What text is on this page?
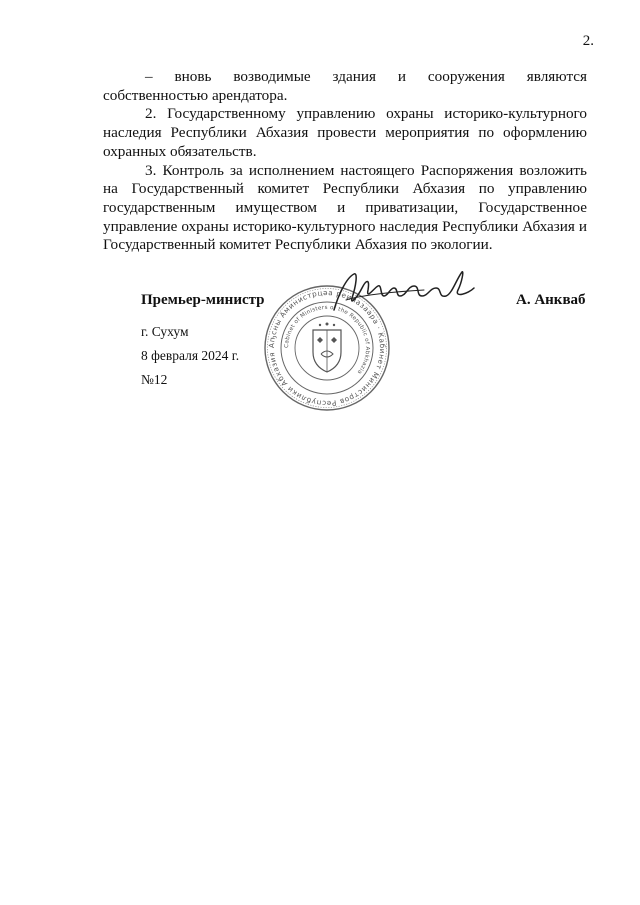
2.

– вновь возводимые здания и сооружения являются собственностью арендатора.

2. Государственному управлению охраны историко-культурного наследия Республики Абхазия провести мероприятия по оформлению охранных обязательств.

3. Контроль за исполнением настоящего Распоряжения возложить на Государственный комитет Республики Абхазия по управлению государственным имуществом и приватизации, Государственное управление охраны историко-культурного наследия Республики Абхазия и Государственный комитет Республики Абхазия по экологии.

Премьер-министр
Аҧсны Аминистрцәа реилазаара · Кабинет Министров Республики Абхазия
Cabinet of Ministers of the Republic of Abkhazia
А. Анкваб
г. Сухум
8 февраля 2024 г.
№12
